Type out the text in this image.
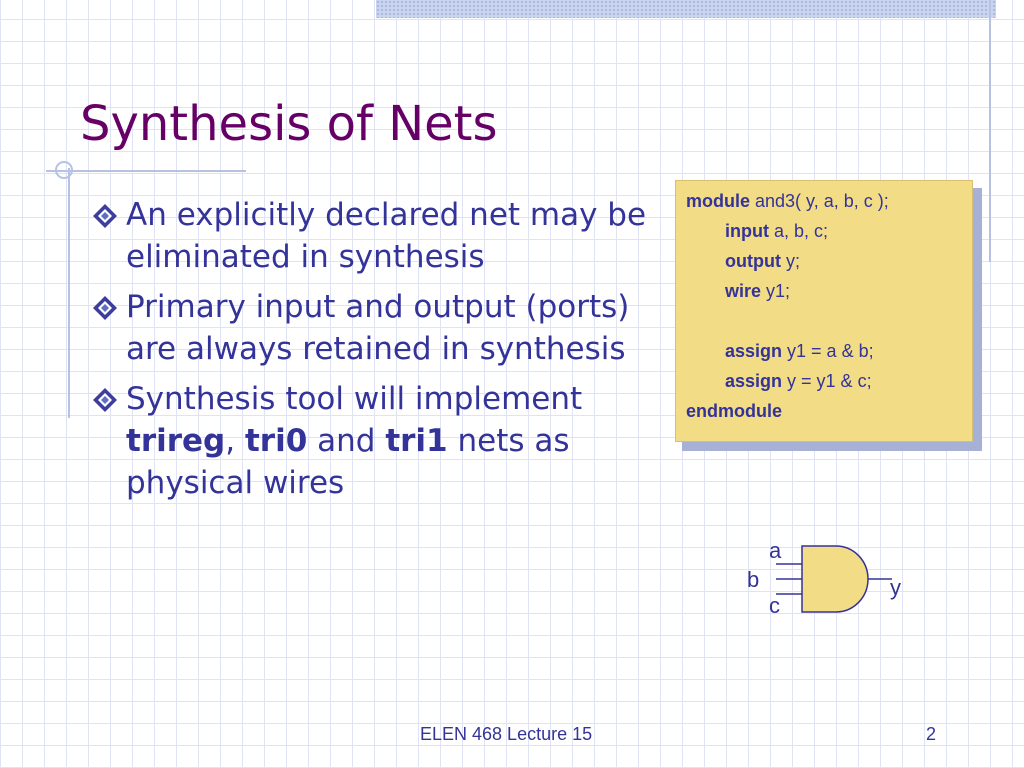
Synthesis of Nets
An explicitly declared net may be eliminated in synthesis
Primary input and output (ports) are always retained in synthesis
Synthesis tool will implement trireg, tri0 and tri1 nets as physical wires
module and3( y, a, b, c );
input a, b, c;
output y;
wire y1;
assign y1 = a & b;
assign y = y1 & c;
endmodule
a
b
c
y
ELEN 468 Lecture 15	2
